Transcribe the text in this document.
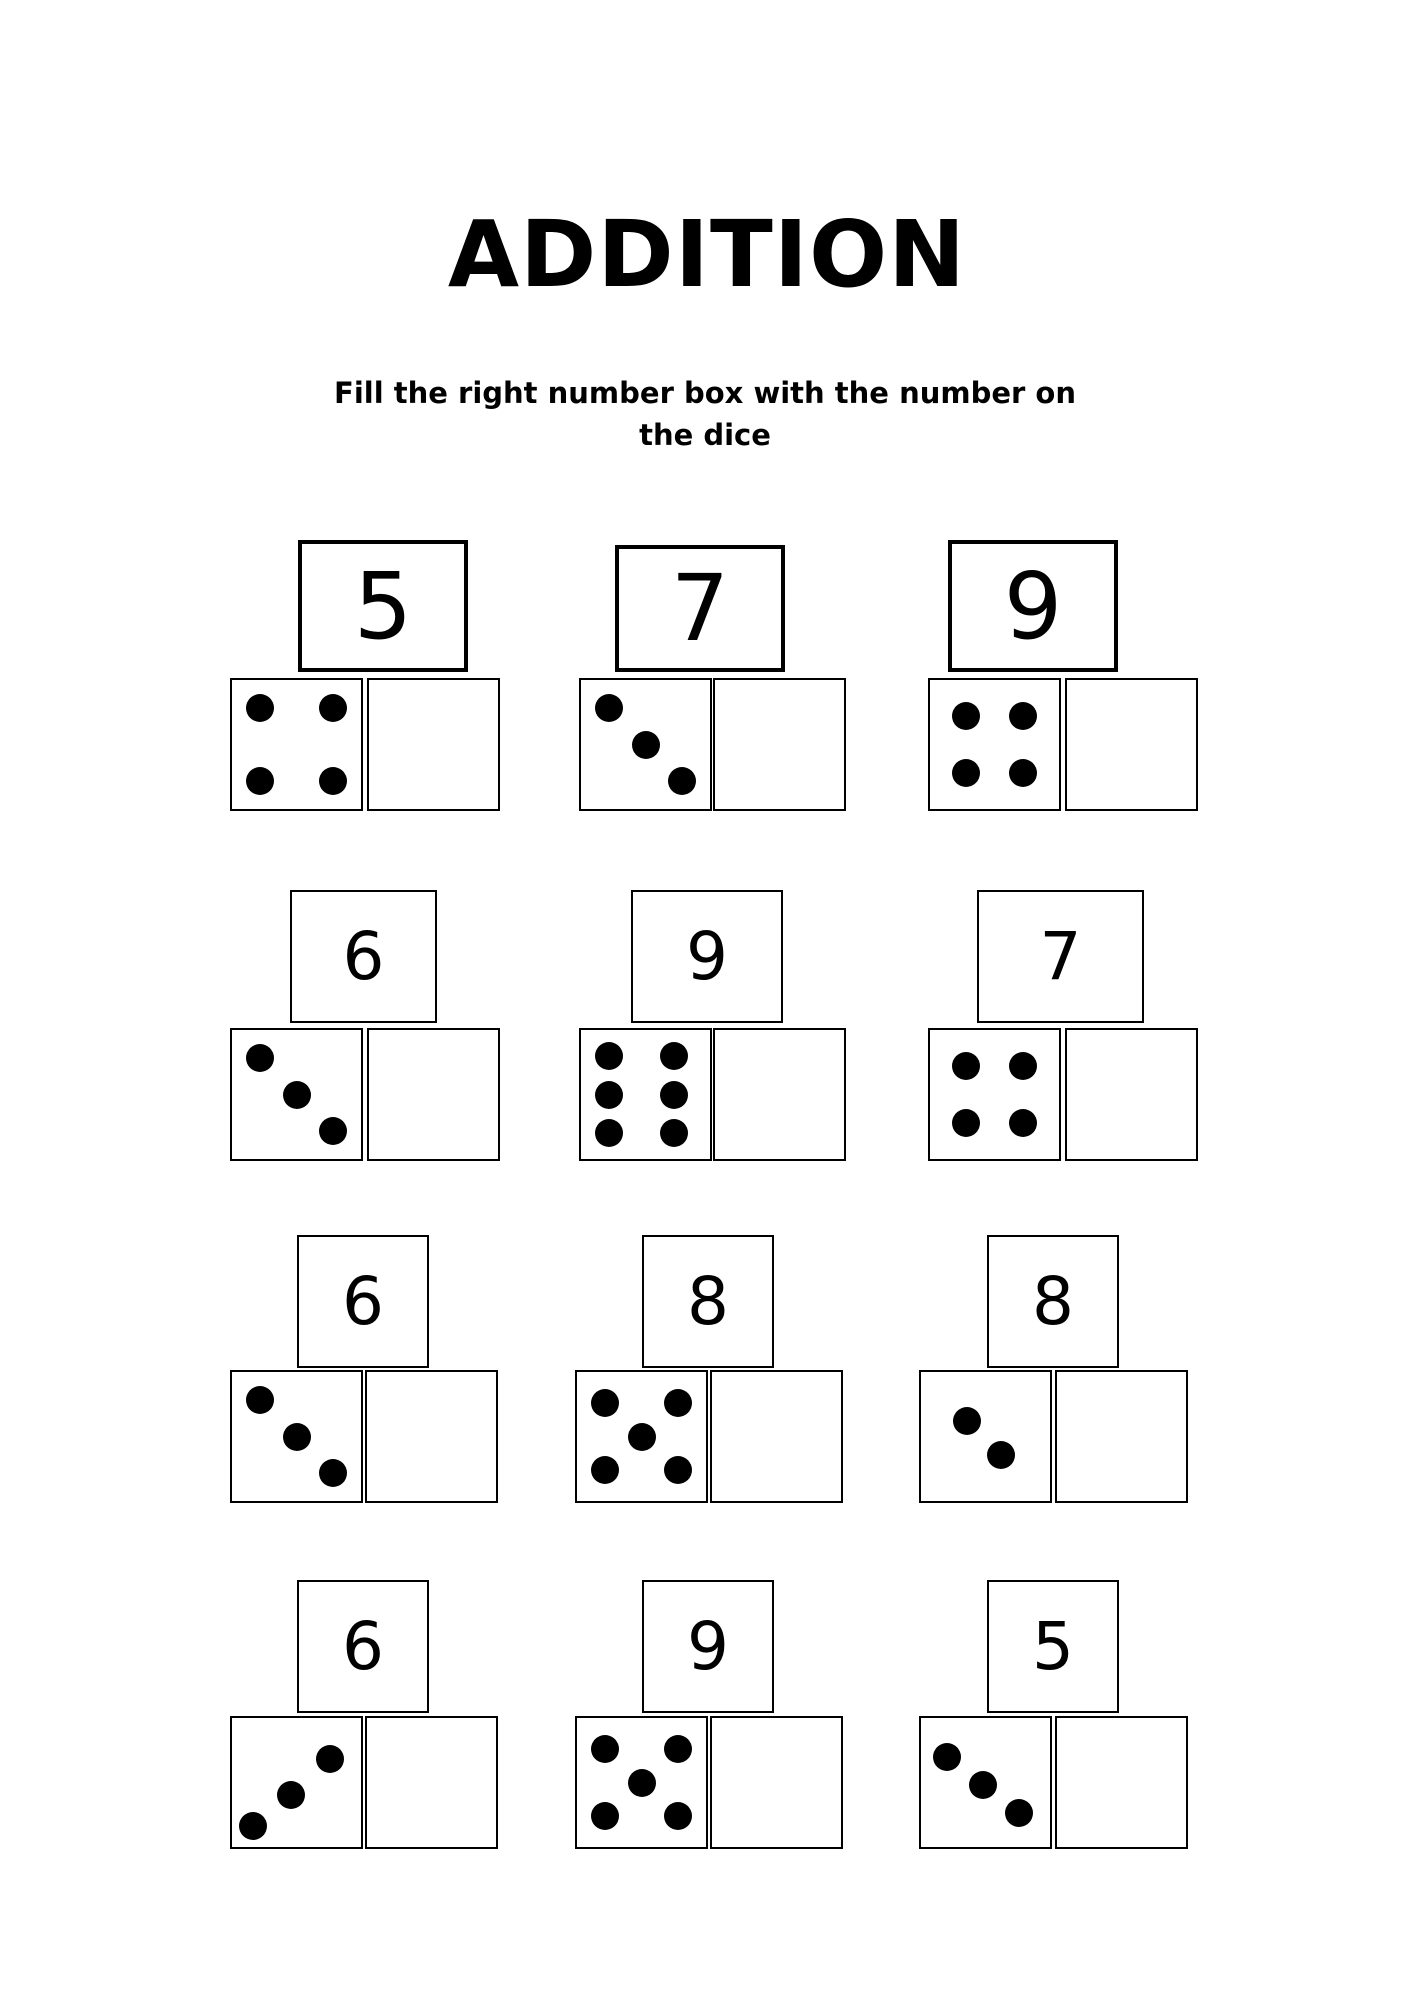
ADDITION
Fill the right number box with the number on the dice
5	7	9
6	9	7
6	8	8
6	9	5
